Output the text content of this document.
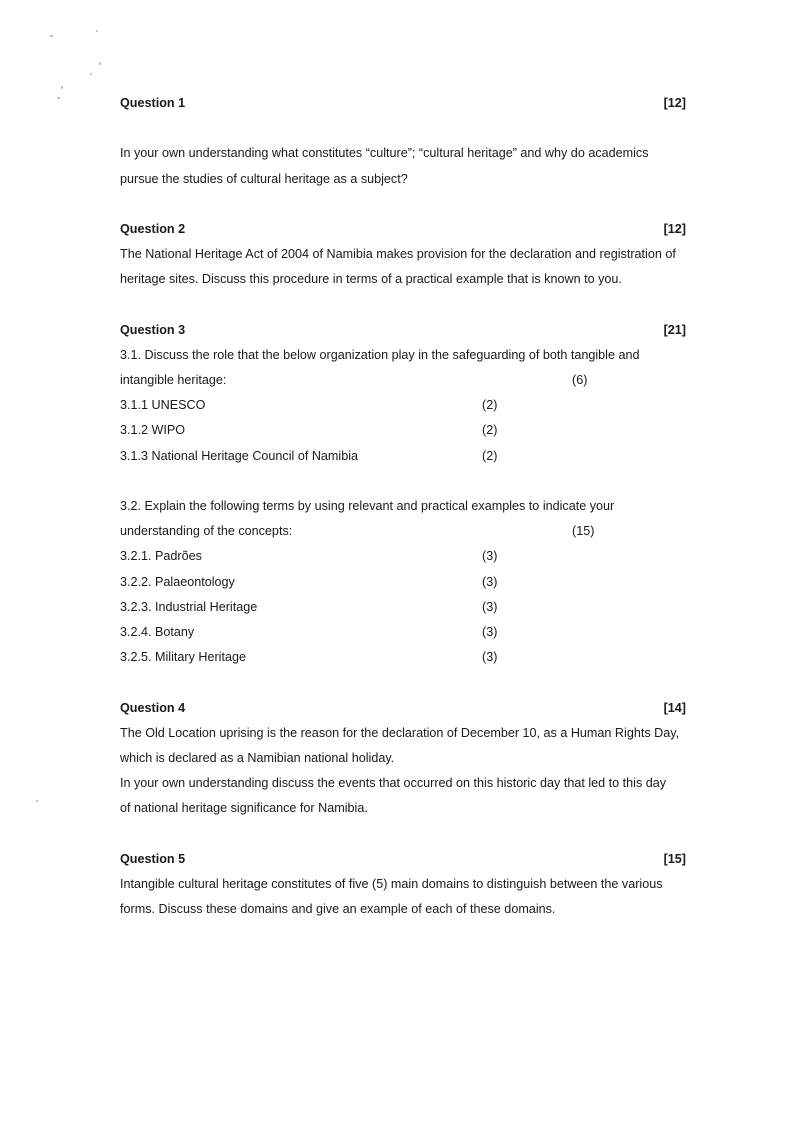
Question 1	[12]
In your own understanding what constitutes “culture”; “cultural heritage” and why do academics
pursue the studies of cultural heritage as a subject?
Question 2	[12]
The National Heritage Act of 2004 of Namibia makes provision for the declaration and registration of
heritage sites. Discuss this procedure in terms of a practical example that is known to you.
Question 3	[21]
3.1. Discuss the role that the below organization play in the safeguarding of both tangible and
intangible heritage:	(6)
3.1.1 UNESCO	(2)
3.1.2 WIPO	(2)
3.1.3 National Heritage Council of Namibia	(2)
3.2. Explain the following terms by using relevant and practical examples to indicate your
understanding of the concepts:	(15)
3.2.1. Padrões	(3)
3.2.2. Palaeontology	(3)
3.2.3. Industrial Heritage	(3)
3.2.4. Botany	(3)
3.2.5. Military Heritage	(3)
Question 4	[14]
The Old Location uprising is the reason for the declaration of December 10, as a Human Rights Day,
which is declared as a Namibian national holiday.
In your own understanding discuss the events that occurred on this historic day that led to this day
of national heritage significance for Namibia.
Question 5	[15]
Intangible cultural heritage constitutes of five (5) main domains to distinguish between the various
forms. Discuss these domains and give an example of each of these domains.
